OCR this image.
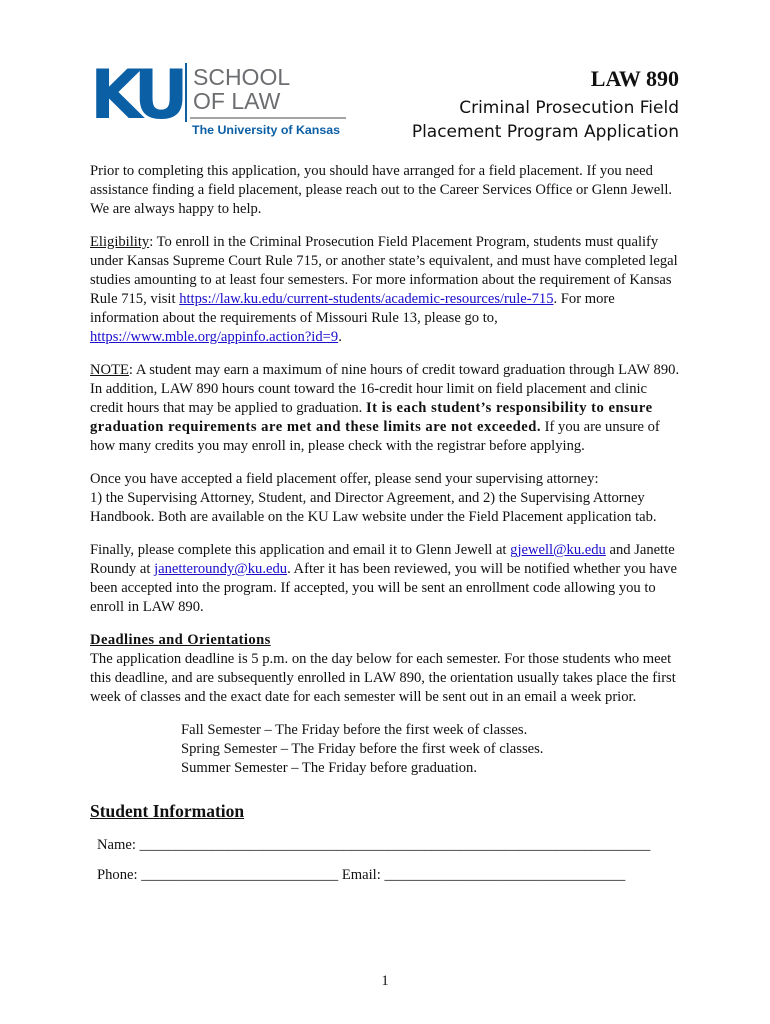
KU SCHOOL
OF LAW
The University of Kansas
LAW 890
Criminal Prosecution Field
Placement Program Application

Prior to completing this application, you should have arranged for a field placement. If you need assistance finding a field placement, please reach out to the Career Services Office or Glenn Jewell. We are always happy to help.

Eligibility: To enroll in the Criminal Prosecution Field Placement Program, students must qualify under Kansas Supreme Court Rule 715, or another state’s equivalent, and must have completed legal studies amounting to at least four semesters. For more information about the requirement of Kansas Rule 715, visit https://law.ku.edu/current-students/academic-resources/rule-715. For more information about the requirements of Missouri Rule 13, please go to, https://www.mble.org/appinfo.action?id=9.

NOTE: A student may earn a maximum of nine hours of credit toward graduation through LAW 890. In addition, LAW 890 hours count toward the 16-credit hour limit on field placement and clinic credit hours that may be applied to graduation. It is each student’s responsibility to ensure graduation requirements are met and these limits are not exceeded. If you are unsure of how many credits you may enroll in, please check with the registrar before applying.

Once you have accepted a field placement offer, please send your supervising attorney:
1) the Supervising Attorney, Student, and Director Agreement, and 2) the Supervising Attorney Handbook. Both are available on the KU Law website under the Field Placement application tab.

Finally, please complete this application and email it to Glenn Jewell at gjewell@ku.edu and Janette Roundy at janetteroundy@ku.edu. After it has been reviewed, you will be notified whether you have been accepted into the program. If accepted, you will be sent an enrollment code allowing you to enroll in LAW 890.

Deadlines and Orientations
The application deadline is 5 p.m. on the day below for each semester. For those students who meet this deadline, and are subsequently enrolled in LAW 890, the orientation usually takes place the first week of classes and the exact date for each semester will be sent out in an email a week prior.
Fall Semester – The Friday before the first week of classes.
Spring Semester – The Friday before the first week of classes.
Summer Semester – The Friday before graduation.
Student Information
Name: ______________________________________________________________________
Phone: ___________________________ Email: _________________________________
1
